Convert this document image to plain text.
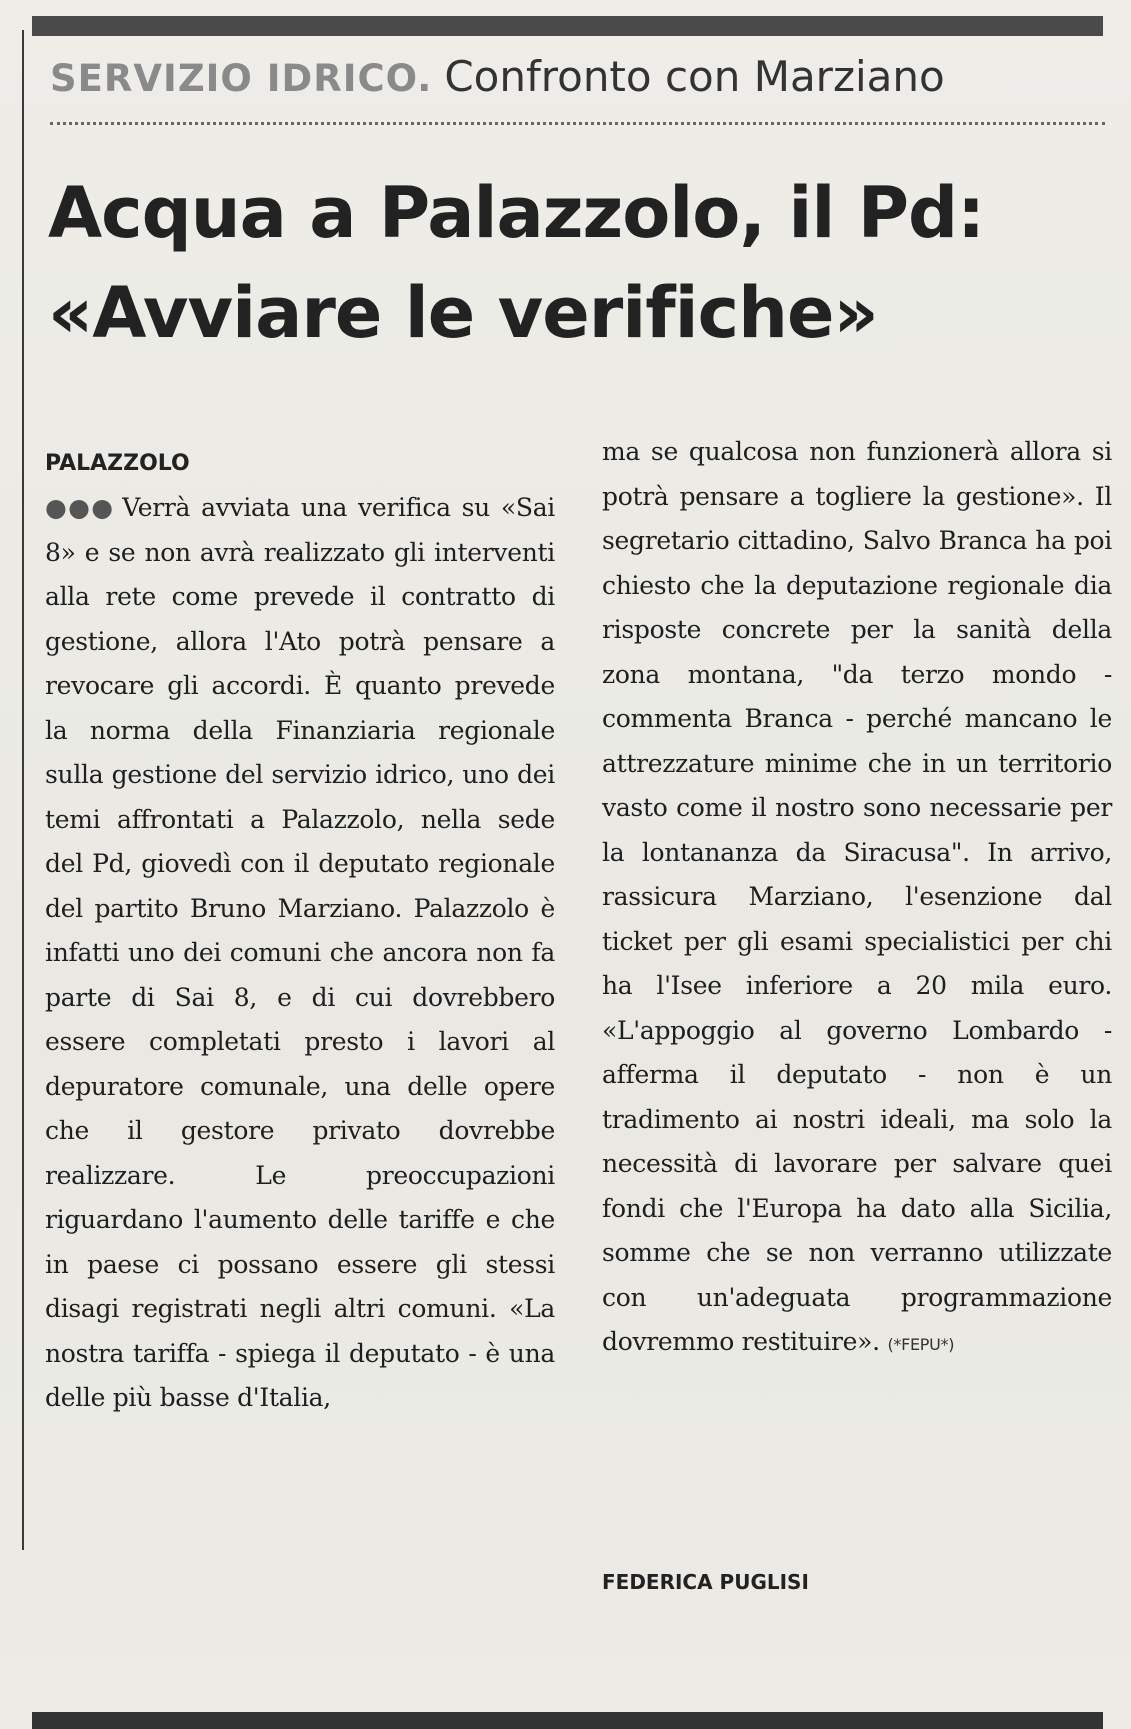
SERVIZIO IDRICO. Confronto con Marziano
Acqua a Palazzolo, il Pd:
«Avviare le verifiche»
PALAZZOLO
●●● Verrà avviata una verifica su «Sai 8» e se non avrà realizzato gli interventi alla rete come prevede il contratto di gestione, allora l'Ato potrà pensare a revocare gli accordi. È quanto prevede la norma della Finanziaria regionale sulla gestione del servizio idrico, uno dei temi affrontati a Palazzolo, nella sede del Pd, giovedì con il deputato regionale del partito Bruno Marziano. Palazzolo è infatti uno dei comuni che ancora non fa parte di Sai 8, e di cui dovrebbero essere completati presto i lavori al depuratore comunale, una delle opere che il gestore privato dovrebbe realizzare. Le preoccupazioni riguardano l'aumento delle tariffe e che in paese ci possano essere gli stessi disagi registrati negli altri comuni. «La nostra tariffa - spiega il deputato - è una delle più basse d'Italia,
ma se qualcosa non funzionerà allora si potrà pensare a togliere la gestione». Il segretario cittadino, Salvo Branca ha poi chiesto che la deputazione regionale dia risposte concrete per la sanità della zona montana, "da terzo mondo - commenta Branca - perché mancano le attrezzature minime che in un territorio vasto come il nostro sono necessarie per la lontananza da Siracusa". In arrivo, rassicura Marziano, l'esenzione dal ticket per gli esami specialistici per chi ha l'Isee inferiore a 20 mila euro. «L'appoggio al governo Lombardo - afferma il deputato - non è un tradimento ai nostri ideali, ma solo la necessità di lavorare per salvare quei fondi che l'Europa ha dato alla Sicilia, somme che se non verranno utilizzate con un'adeguata programmazione dovremmo restituire». (*FEPU*)
FEDERICA PUGLISI
